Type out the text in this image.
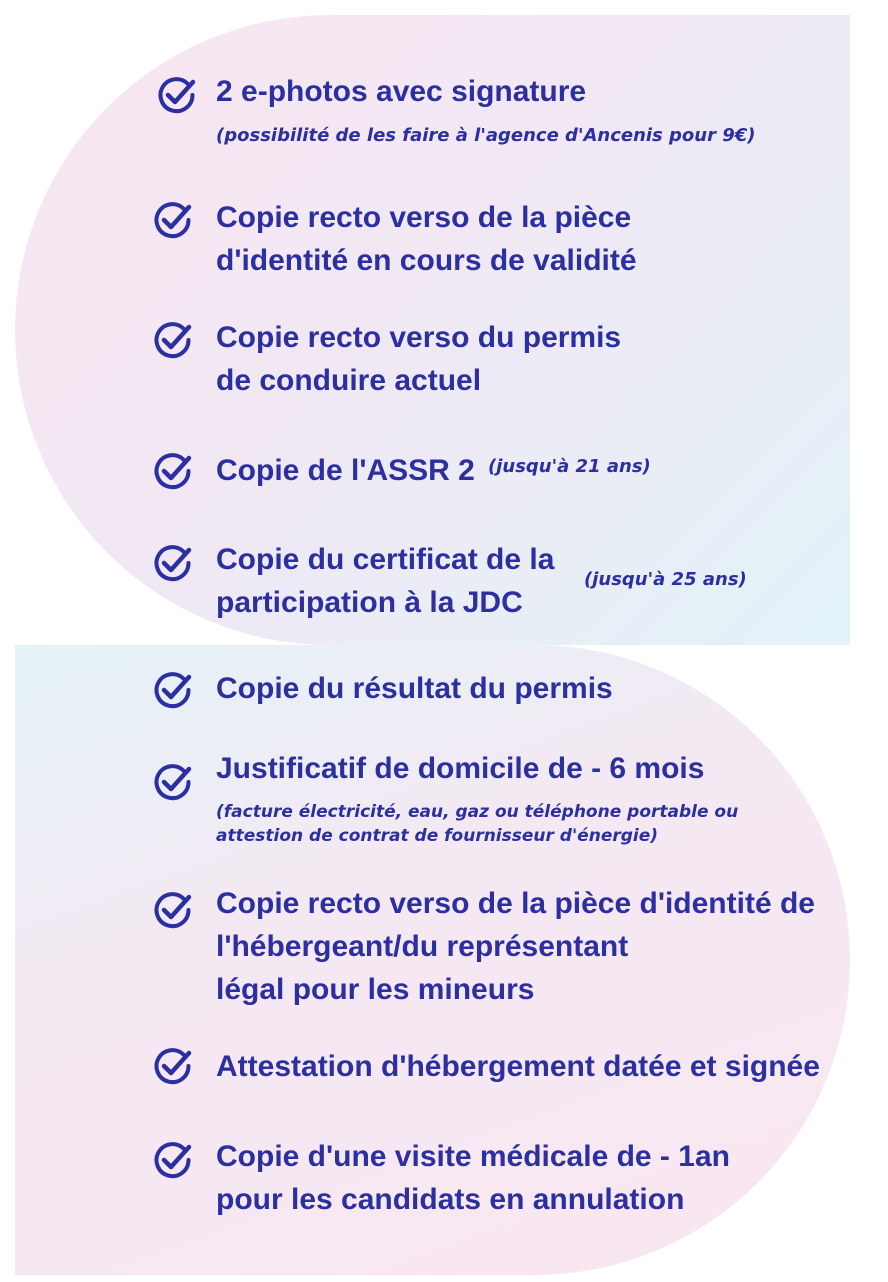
2 e-photos avec signature

(possibilité de les faire à l'agence d'Ancenis pour 9€)

Copie recto verso de la pièce
d'identité en cours de validité

Copie recto verso du permis
de conduire actuel

Copie de l'ASSR 2 (jusqu'à 21 ans)

Copie du certificat de la
participation à la JDC

(jusqu'à 25 ans)

Copie du résultat du permis

Justificatif de domicile de - 6 mois

(facture électricité, eau, gaz ou téléphone portable ou
attestion de contrat de fournisseur d'énergie)

Copie recto verso de la pièce d'identité de
l'hébergeant/du représentant
légal pour les mineurs

Attestation d'hébergement datée et signée

Copie d'une visite médicale de - 1an
pour les candidats en annulation
